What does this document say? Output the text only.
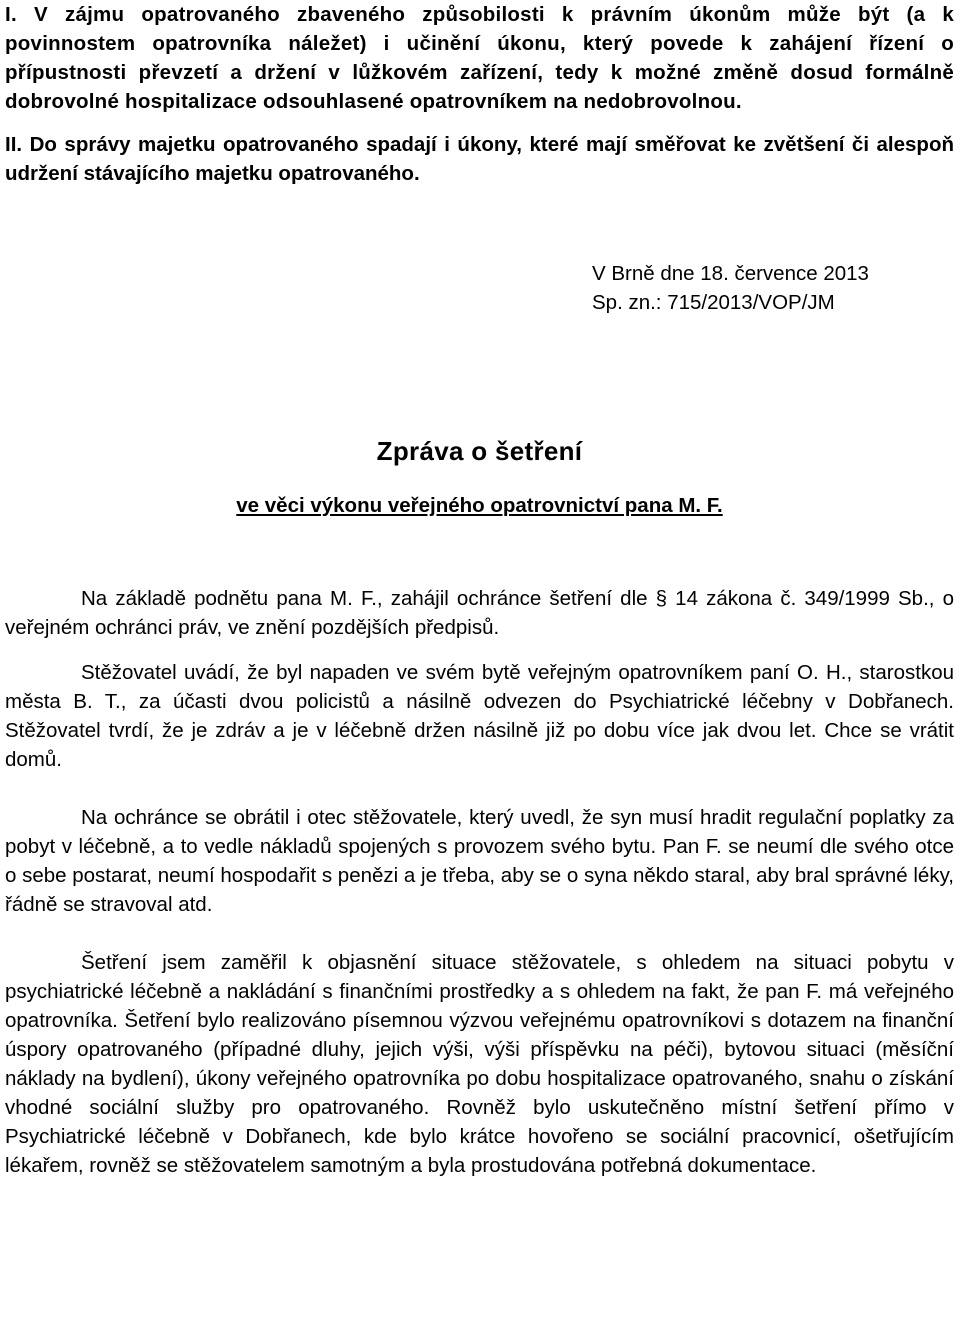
I. V zájmu opatrovaného zbaveného způsobilosti k právním úkonům může být (a k povinnostem opatrovníka náležet) i učinění úkonu, který povede k zahájení řízení o přípustnosti převzetí a držení v lůžkovém zařízení, tedy k možné změně dosud formálně dobrovolné hospitalizace odsouhlasené opatrovníkem na nedobrovolnou.

II. Do správy majetku opatrovaného spadají i úkony, které mají směřovat ke zvětšení či alespoň udržení stávajícího majetku opatrovaného.

V Brně dne 18. července 2013

Sp. zn.: 715/2013/VOP/JM

Zpráva o šetření

ve věci výkonu veřejného opatrovnictví pana M. F.

Na základě podnětu pana M. F., zahájil ochránce šetření dle § 14 zákona č. 349/1999 Sb., o veřejném ochránci práv, ve znění pozdějších předpisů.

Stěžovatel uvádí, že byl napaden ve svém bytě veřejným opatrovníkem paní O. H., starostkou města B. T., za účasti dvou policistů a násilně odvezen do Psychiatrické léčebny v Dobřanech. Stěžovatel tvrdí, že je zdráv a je v léčebně držen násilně již po dobu více jak dvou let. Chce se vrátit domů.

Na ochránce se obrátil i otec stěžovatele, který uvedl, že syn musí hradit regulační poplatky za pobyt v léčebně, a to vedle nákladů spojených s provozem svého bytu. Pan F. se neumí dle svého otce o sebe postarat, neumí hospodařit s penězi a je třeba, aby se o syna někdo staral, aby bral správné léky, řádně se stravoval atd.

Šetření jsem zaměřil k objasnění situace stěžovatele, s ohledem na situaci pobytu v psychiatrické léčebně a nakládání s finančními prostředky a s ohledem na fakt, že pan F. má veřejného opatrovníka. Šetření bylo realizováno písemnou výzvou veřejnému opatrovníkovi s dotazem na finanční úspory opatrovaného (případné dluhy, jejich výši, výši příspěvku na péči), bytovou situaci (měsíční náklady na bydlení), úkony veřejného opatrovníka po dobu hospitalizace opatrovaného, snahu o získání vhodné sociální služby pro opatrovaného. Rovněž bylo uskutečněno místní šetření přímo v Psychiatrické léčebně v Dobřanech, kde bylo krátce hovořeno se sociální pracovnicí, ošetřujícím lékařem, rovněž se stěžovatelem samotným a byla prostudována potřebná dokumentace.
